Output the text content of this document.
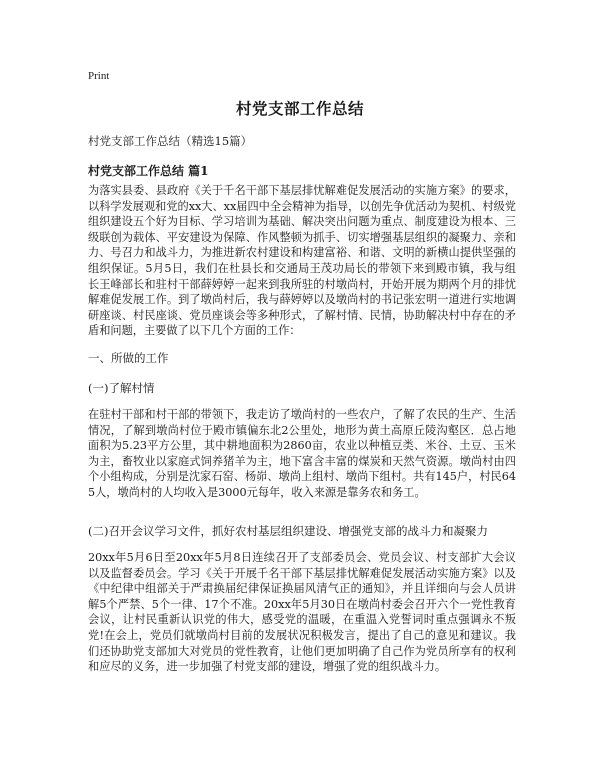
Print
村党支部工作总结
村党支部工作总结（精选15篇）
村党支部工作总结 篇1

为落实县委、县政府《关于千名干部下基层排忧解难促发展活动的实施方案》的要求，以科学发展观和党的xx大、xx届四中全会精神为指导，以创先争优活动为契机、村级党组织建设五个好为目标、学习培训为基础、解决突出问题为重点、制度建设为根本、三级联创为载体、平安建设为保障、作风整顿为抓手、切实增强基层组织的凝聚力、亲和力、号召力和战斗力，为推进新农村建设和构建富裕、和谐、文明的新横山提供坚强的组织保证。5月5日，我们在杜县长和交通局王茂功局长的带领下来到殿市镇，我与组长王峰部长和驻村干部薛婷婷一起来到我所驻的村墩尚村，开始开展为期两个月的排忧解难促发展工作。到了墩尚村后，我与薛婷婷以及墩尚村的书记张宏明一道进行实地调研座谈、村民座谈、党员座谈会等多种形式，了解村情、民情，协助解决村中存在的矛盾和问题，主要做了以下几个方面的工作：

一、所做的工作
(一)了解村情

在驻村干部和村干部的带领下，我走访了墩尚村的一些农户，了解了农民的生产、生活情况，了解到墩尚村位于殿市镇偏东北2公里处，地形为黄土高原丘陵沟壑区．总占地面积为5.23平方公里，其中耕地面积为2860亩，农业以种植豆类、米谷、土豆、玉米为主，畜牧业以家庭式饲养猪羊为主，地下富含丰富的煤炭和天然气资源。墩尚村由四个小组构成，分别是沈家石窑、杨峁、墩尚上组村、墩尚下组村。共有145户，村民645人，墩尚村的人均收入是3000元每年，收入来源是靠务农和务工。

(二)召开会议学习文件，抓好农村基层组织建设、增强党支部的战斗力和凝聚力

20xx年5月6日至20xx年5月8日连续召开了支部委员会、党员会议、村支部扩大会议以及监督委员会。学习《关于开展千名干部下基层排忧解难促发展活动实施方案》以及《中纪律中组部关于严肃换届纪律保证换届风清气正的通知》，并且详细向与会人员讲解5个严禁、5个一律、17个不准。20xx年5月30日在墩尚村委会召开六个一党性教育会议，让村民重新认识党的伟大，感受党的温暖，在重温入党誓词时重点强调永不叛党!在会上，党员们就墩尚村目前的发展状况积极发言，提出了自己的意见和建议。我们还协助党支部加大对党员的党性教育，让他们更加明确了自己作为党员所享有的权利和应尽的义务，进一步加强了村党支部的建设，增强了党的组织战斗力。
